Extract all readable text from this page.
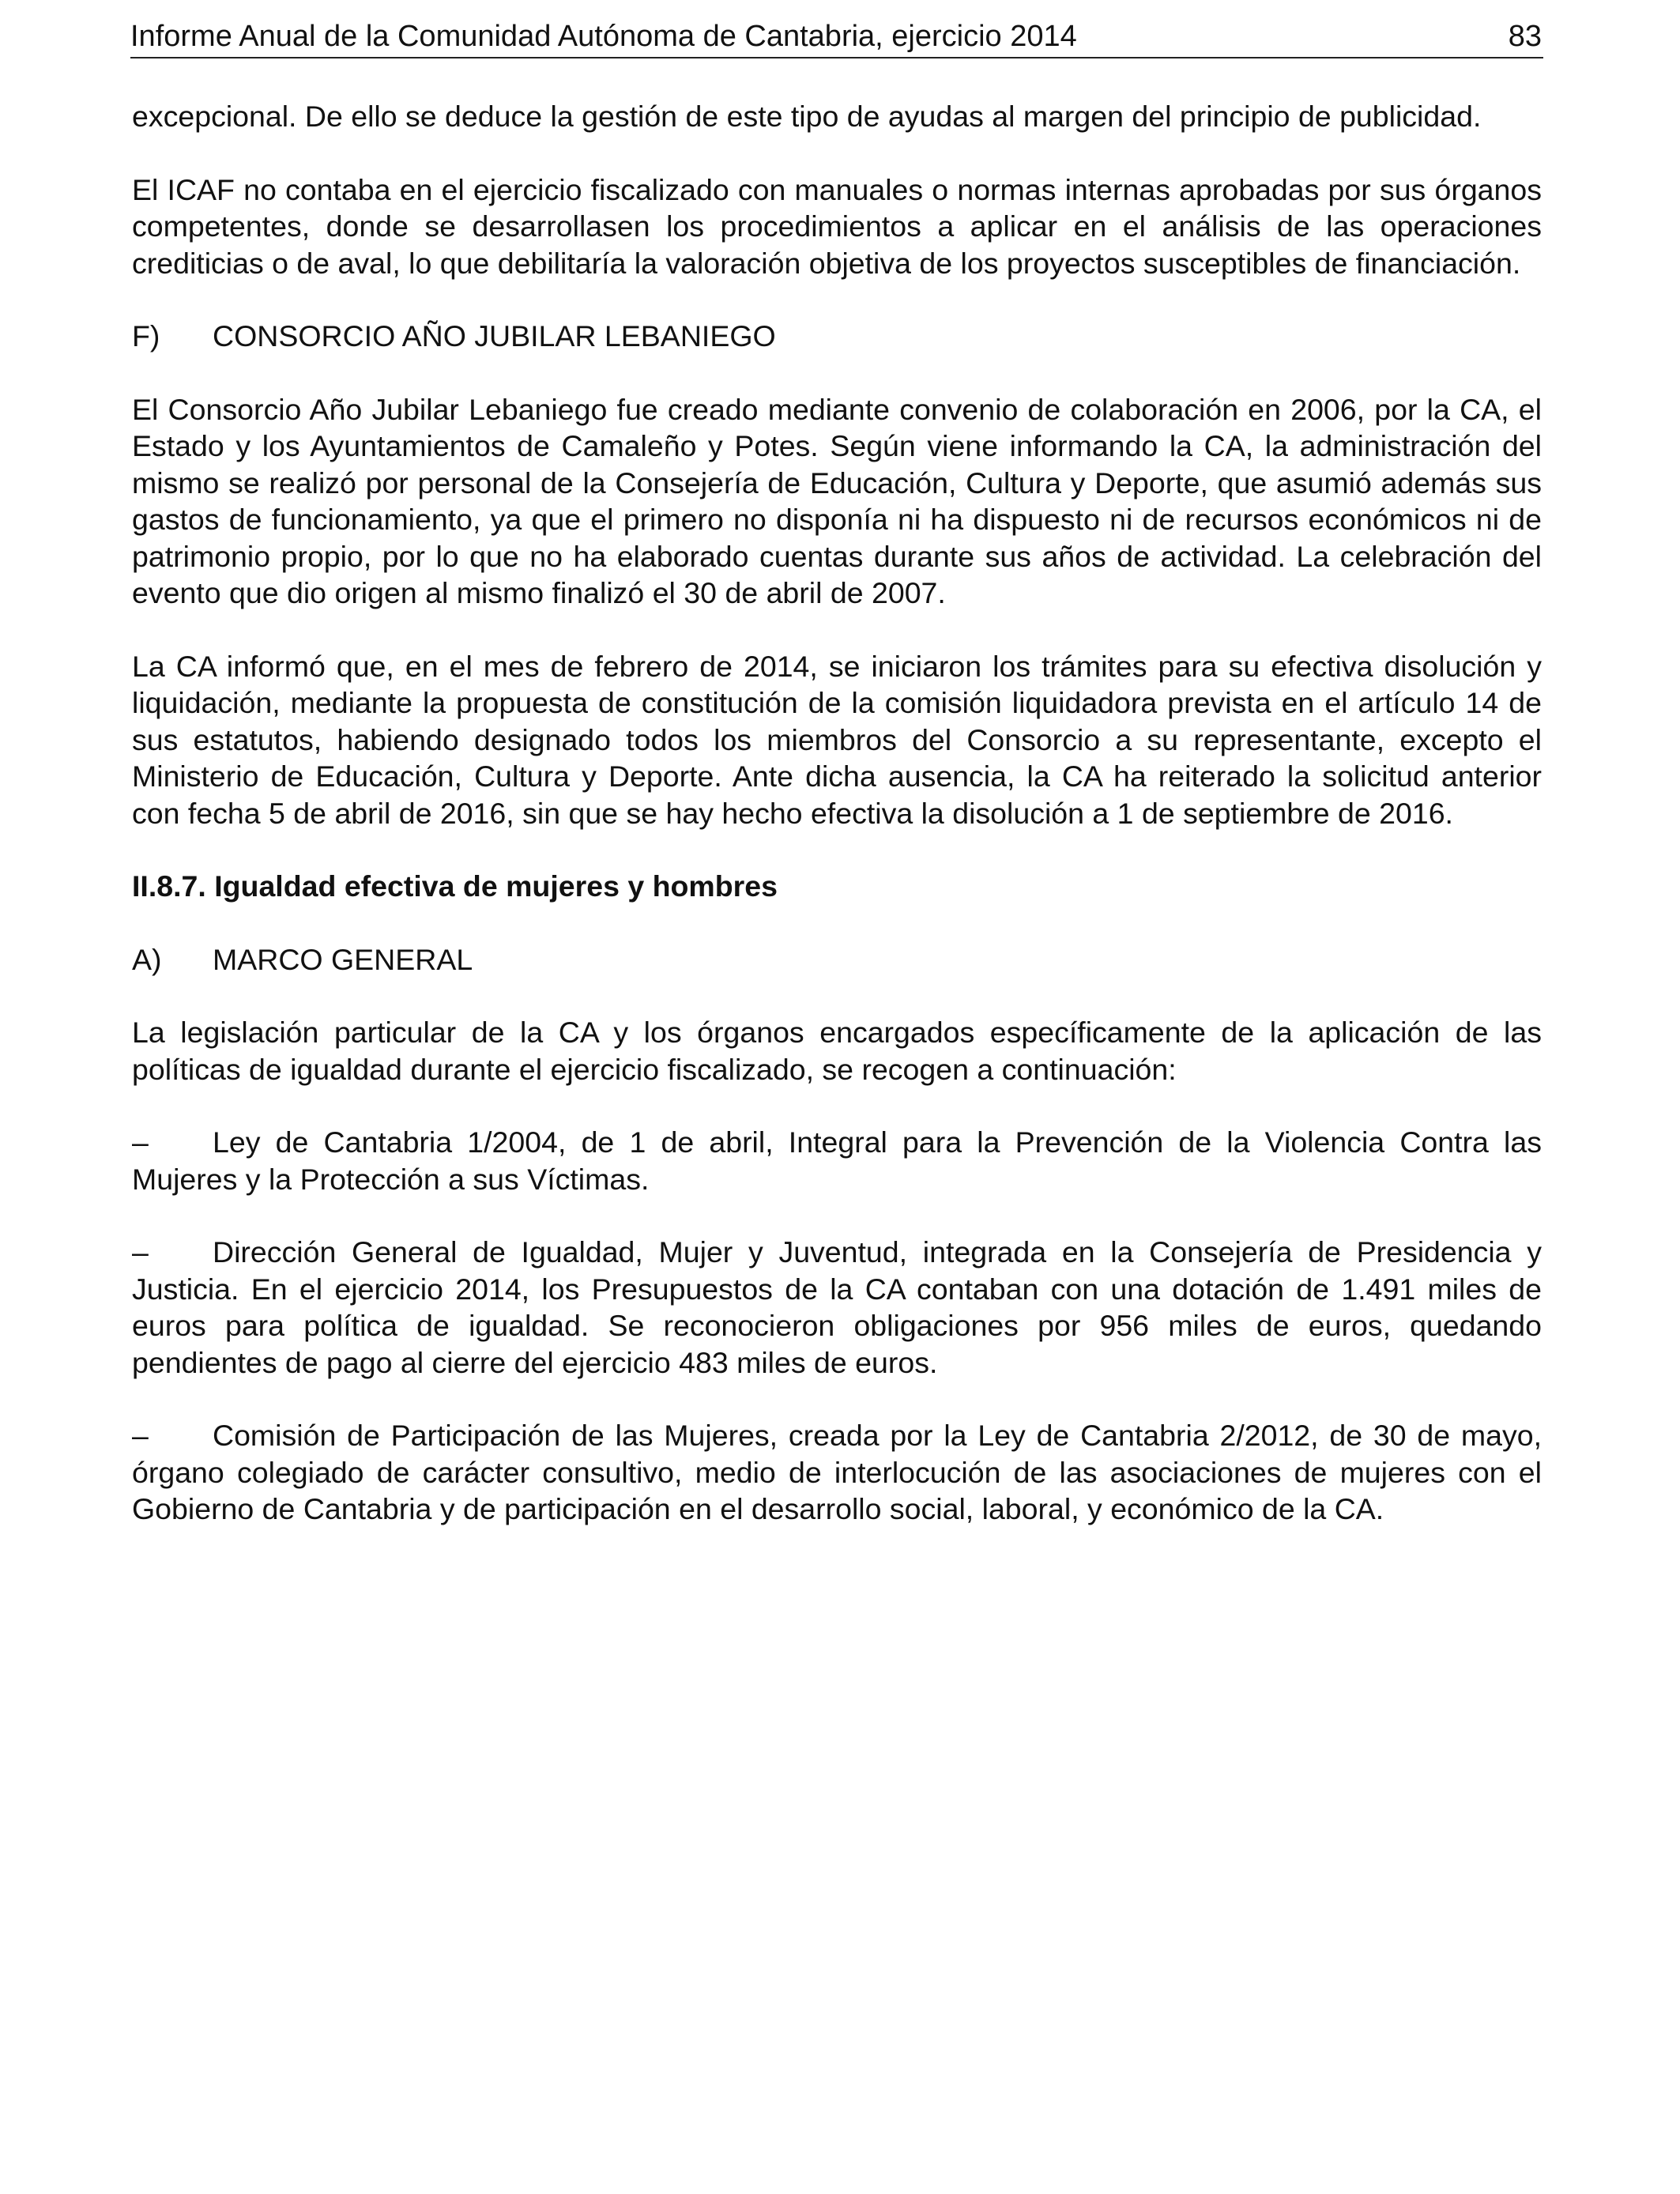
Informe Anual de la Comunidad Autónoma de Cantabria, ejercicio 2014	83

excepcional. De ello se deduce la gestión de este tipo de ayudas al margen del principio de publicidad.

El ICAF no contaba en el ejercicio fiscalizado con manuales o normas internas aprobadas por sus órganos competentes, donde se desarrollasen los procedimientos a aplicar en el análisis de las operaciones crediticias o de aval, lo que debilitaría la valoración objetiva de los proyectos susceptibles de financiación.

F)	CONSORCIO AÑO JUBILAR LEBANIEGO

El Consorcio Año Jubilar Lebaniego fue creado mediante convenio de colaboración en 2006, por la CA, el Estado y los Ayuntamientos de Camaleño y Potes. Según viene informando la CA, la administración del mismo se realizó por personal de la Consejería de Educación, Cultura y Deporte, que asumió además sus gastos de funcionamiento, ya que el primero no disponía ni ha dispuesto ni de recursos económicos ni de patrimonio propio, por lo que no ha elaborado cuentas durante sus años de actividad. La celebración del evento que dio origen al mismo finalizó el 30 de abril de 2007.

La CA informó que, en el mes de febrero de 2014, se iniciaron los trámites para su efectiva disolución y liquidación, mediante la propuesta de constitución de la comisión liquidadora prevista en el artículo 14 de sus estatutos, habiendo designado todos los miembros del Consorcio a su representante, excepto el Ministerio de Educación, Cultura y Deporte. Ante dicha ausencia, la CA ha reiterado la solicitud anterior con fecha 5 de abril de 2016, sin que se hay hecho efectiva la disolución a 1 de septiembre de 2016.

II.8.7. Igualdad efectiva de mujeres y hombres
A)	MARCO GENERAL

La legislación particular de la CA y los órganos encargados específicamente de la aplicación de las políticas de igualdad durante el ejercicio fiscalizado, se recogen a continuación:

– Ley de Cantabria 1/2004, de 1 de abril, Integral para la Prevención de la Violencia Contra las Mujeres y la Protección a sus Víctimas.
– Dirección General de Igualdad, Mujer y Juventud, integrada en la Consejería de Presidencia y Justicia. En el ejercicio 2014, los Presupuestos de la CA contaban con una dotación de 1.491 miles de euros para política de igualdad. Se reconocieron obligaciones por 956 miles de euros, quedando pendientes de pago al cierre del ejercicio 483 miles de euros.
– Comisión de Participación de las Mujeres, creada por la Ley de Cantabria 2/2012, de 30 de mayo, órgano colegiado de carácter consultivo, medio de interlocución de las asociaciones de mujeres con el Gobierno de Cantabria y de participación en el desarrollo social, laboral, y económico de la CA.
